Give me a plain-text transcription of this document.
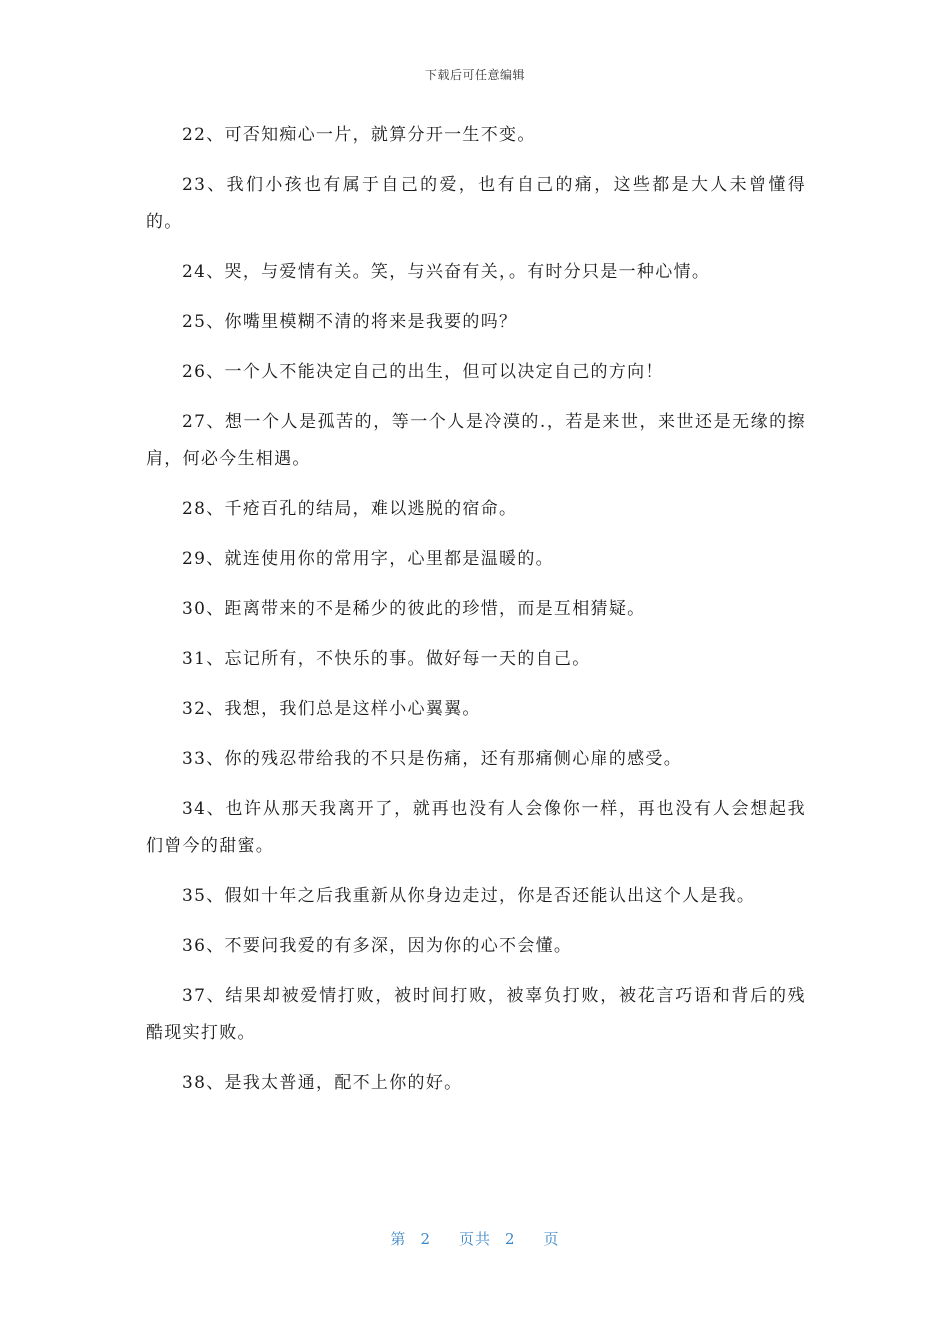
下载后可任意编辑

22、可否知痴心一片，就算分开一生不变。

23、我们小孩也有属于自己的爱，也有自己的痛，这些都是大人未曾懂得的。

24、哭，与爱情有关。笑，与兴奋有关，。有时分只是一种心情。

25、你嘴里模糊不清的将来是我要的吗？

26、一个人不能决定自己的出生，但可以决定自己的方向！

27、想一个人是孤苦的，等一个人是冷漠的.，若是来世，来世还是无缘的擦肩，何必今生相遇。

28、千疮百孔的结局，难以逃脱的宿命。

29、就连使用你的常用字，心里都是温暖的。

30、距离带来的不是稀少的彼此的珍惜，而是互相猜疑。

31、忘记所有，不快乐的事。做好每一天的自己。

32、我想，我们总是这样小心翼翼。

33、你的残忍带给我的不只是伤痛，还有那痛侧心扉的感受。

34、也许从那天我离开了，就再也没有人会像你一样，再也没有人会想起我们曾今的甜蜜。

35、假如十年之后我重新从你身边走过，你是否还能认出这个人是我。

36、不要问我爱的有多深，因为你的心不会懂。

37、结果却被爱情打败，被时间打败，被辜负打败，被花言巧语和背后的残酷现实打败。

38、是我太普通，配不上你的好。

第 2 页共 2 页
